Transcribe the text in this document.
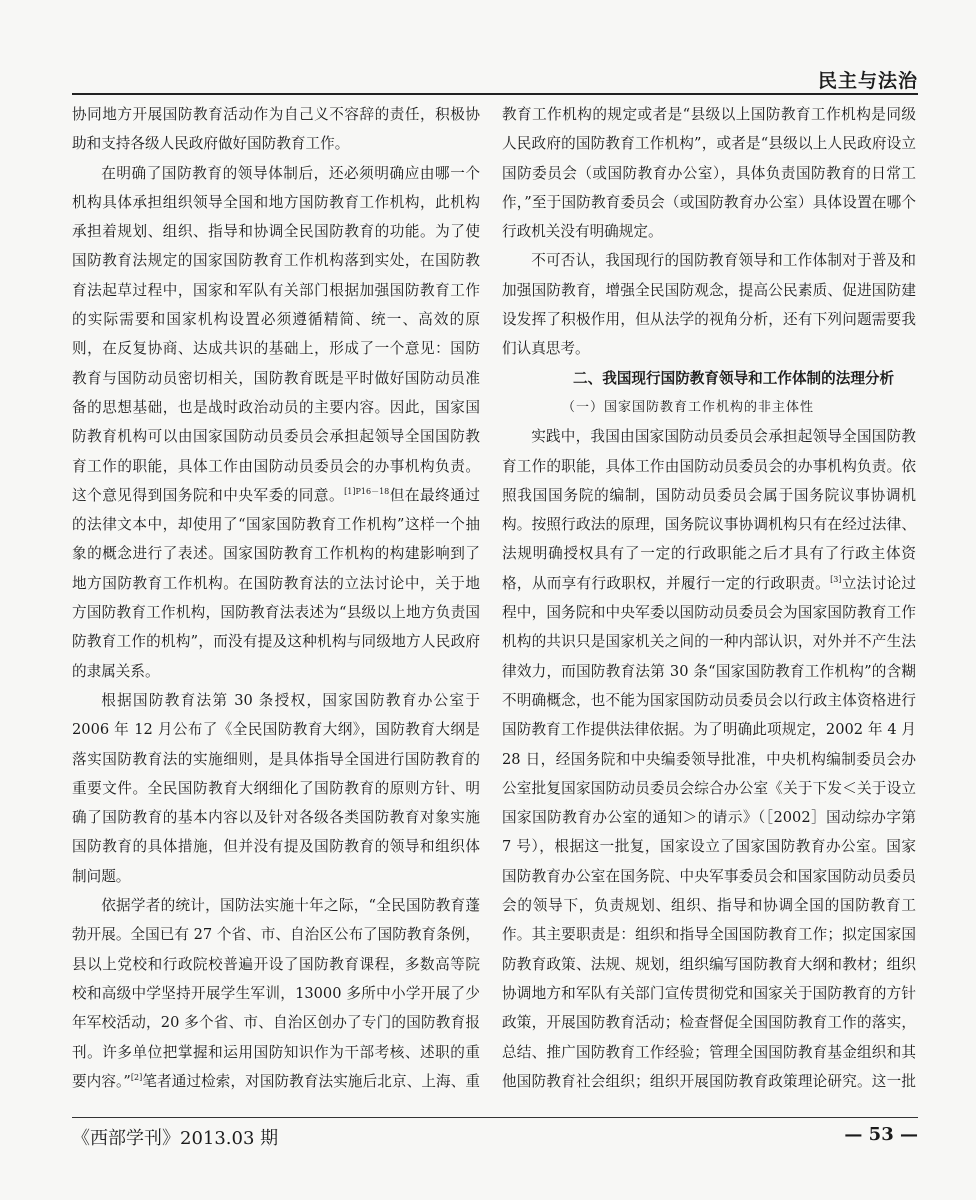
民主与法治

协同地方开展国防教育活动作为自己义不容辞的责任，积极协助和支持各级人民政府做好国防教育工作。

在明确了国防教育的领导体制后，还必须明确应由哪一个机构具体承担组织领导全国和地方国防教育工作机构，此机构承担着规划、组织、指导和协调全民国防教育的功能。为了使国防教育法规定的国家国防教育工作机构落到实处，在国防教育法起草过程中，国家和军队有关部门根据加强国防教育工作的实际需要和国家机构设置必须遵循精简、统一、高效的原则，在反复协商、达成共识的基础上，形成了一个意见：国防教育与国防动员密切相关，国防教育既是平时做好国防动员准备的思想基础，也是战时政治动员的主要内容。因此，国家国防教育机构可以由国家国防动员委员会承担起领导全国国防教育工作的职能，具体工作由国防动员委员会的办事机构负责。这个意见得到国务院和中央军委的同意。$^{[1]P16-18}$但在最终通过的法律文本中，却使用了“国家国防教育工作机构”这样一个抽象的概念进行了表述。国家国防教育工作机构的构建影响到了地方国防教育工作机构。在国防教育法的立法讨论中，关于地方国防教育工作机构，国防教育法表述为“县级以上地方负责国防教育工作的机构”，而没有提及这种机构与同级地方人民政府的隶属关系。

根据国防教育法第 30 条授权，国家国防教育办公室于 2006 年 12 月公布了《全民国防教育大纲》，国防教育大纲是落实国防教育法的实施细则，是具体指导全国进行国防教育的重要文件。全民国防教育大纲细化了国防教育的原则方针、明确了国防教育的基本内容以及针对各级各类国防教育对象实施国防教育的具体措施，但并没有提及国防教育的领导和组织体制问题。

依据学者的统计，国防法实施十年之际，“全民国防教育蓬勃开展。全国已有 27 个省、市、自治区公布了国防教育条例，县以上党校和行政院校普遍开设了国防教育课程，多数高等院校和高级中学坚持开展学生军训，13000 多所中小学开展了少年军校活动，20 多个省、市、自治区创办了专门的国防教育报刊。许多单位把掌握和运用国防知识作为干部考核、述职的重要内容。”[2]笔者通过检索，对国防教育法实施后北京、上海、重

教育工作机构的规定或者是“县级以上国防教育工作机构是同级人民政府的国防教育工作机构”，或者是“县级以上人民政府设立国防委员会（或国防教育办公室），具体负责国防教育的日常工作，”至于国防教育委员会（或国防教育办公室）具体设置在哪个行政机关没有明确规定。

不可否认，我国现行的国防教育领导和工作体制对于普及和加强国防教育，增强全民国防观念，提高公民素质、促进国防建设发挥了积极作用，但从法学的视角分析，还有下列问题需要我们认真思考。

二、我国现行国防教育领导和工作体制的法理分析

（一）国家国防教育工作机构的非主体性

实践中，我国由国家国防动员委员会承担起领导全国国防教育工作的职能，具体工作由国防动员委员会的办事机构负责。依照我国国务院的编制，国防动员委员会属于国务院议事协调机构。按照行政法的原理，国务院议事协调机构只有在经过法律、法规明确授权具有了一定的行政职能之后才具有了行政主体资格，从而享有行政职权，并履行一定的行政职责。[3]立法讨论过程中，国务院和中央军委以国防动员委员会为国家国防教育工作机构的共识只是国家机关之间的一种内部认识，对外并不产生法律效力，而国防教育法第 30 条“国家国防教育工作机构”的含糊不明确概念，也不能为国家国防动员委员会以行政主体资格进行国防教育工作提供法律依据。为了明确此项规定，2002 年 4 月 28 日，经国务院和中央编委领导批准，中央机构编制委员会办公室批复国家国防动员委员会综合办公室《关于下发＜关于设立国家国防教育办公室的通知＞的请示》（［2002］国动综办字第 7 号），根据这一批复，国家设立了国家国防教育办公室。国家国防教育办公室在国务院、中央军事委员会和国家国防动员委员会的领导下，负责规划、组织、指导和协调全国的国防教育工作。其主要职责是：组织和指导全国国防教育工作；拟定国家国防教育政策、法规、规划，组织编写国防教育大纲和教材；组织协调地方和军队有关部门宣传贯彻党和国家关于国防教育的方针政策，开展国防教育活动；检查督促全国国防教育工作的落实，总结、推广国防教育工作经验；管理全国国防教育基金组织和其他国防教育社会组织；组织开展国防教育政策理论研究。这一批

《西部学刊》2013.03 期	— 53 —
